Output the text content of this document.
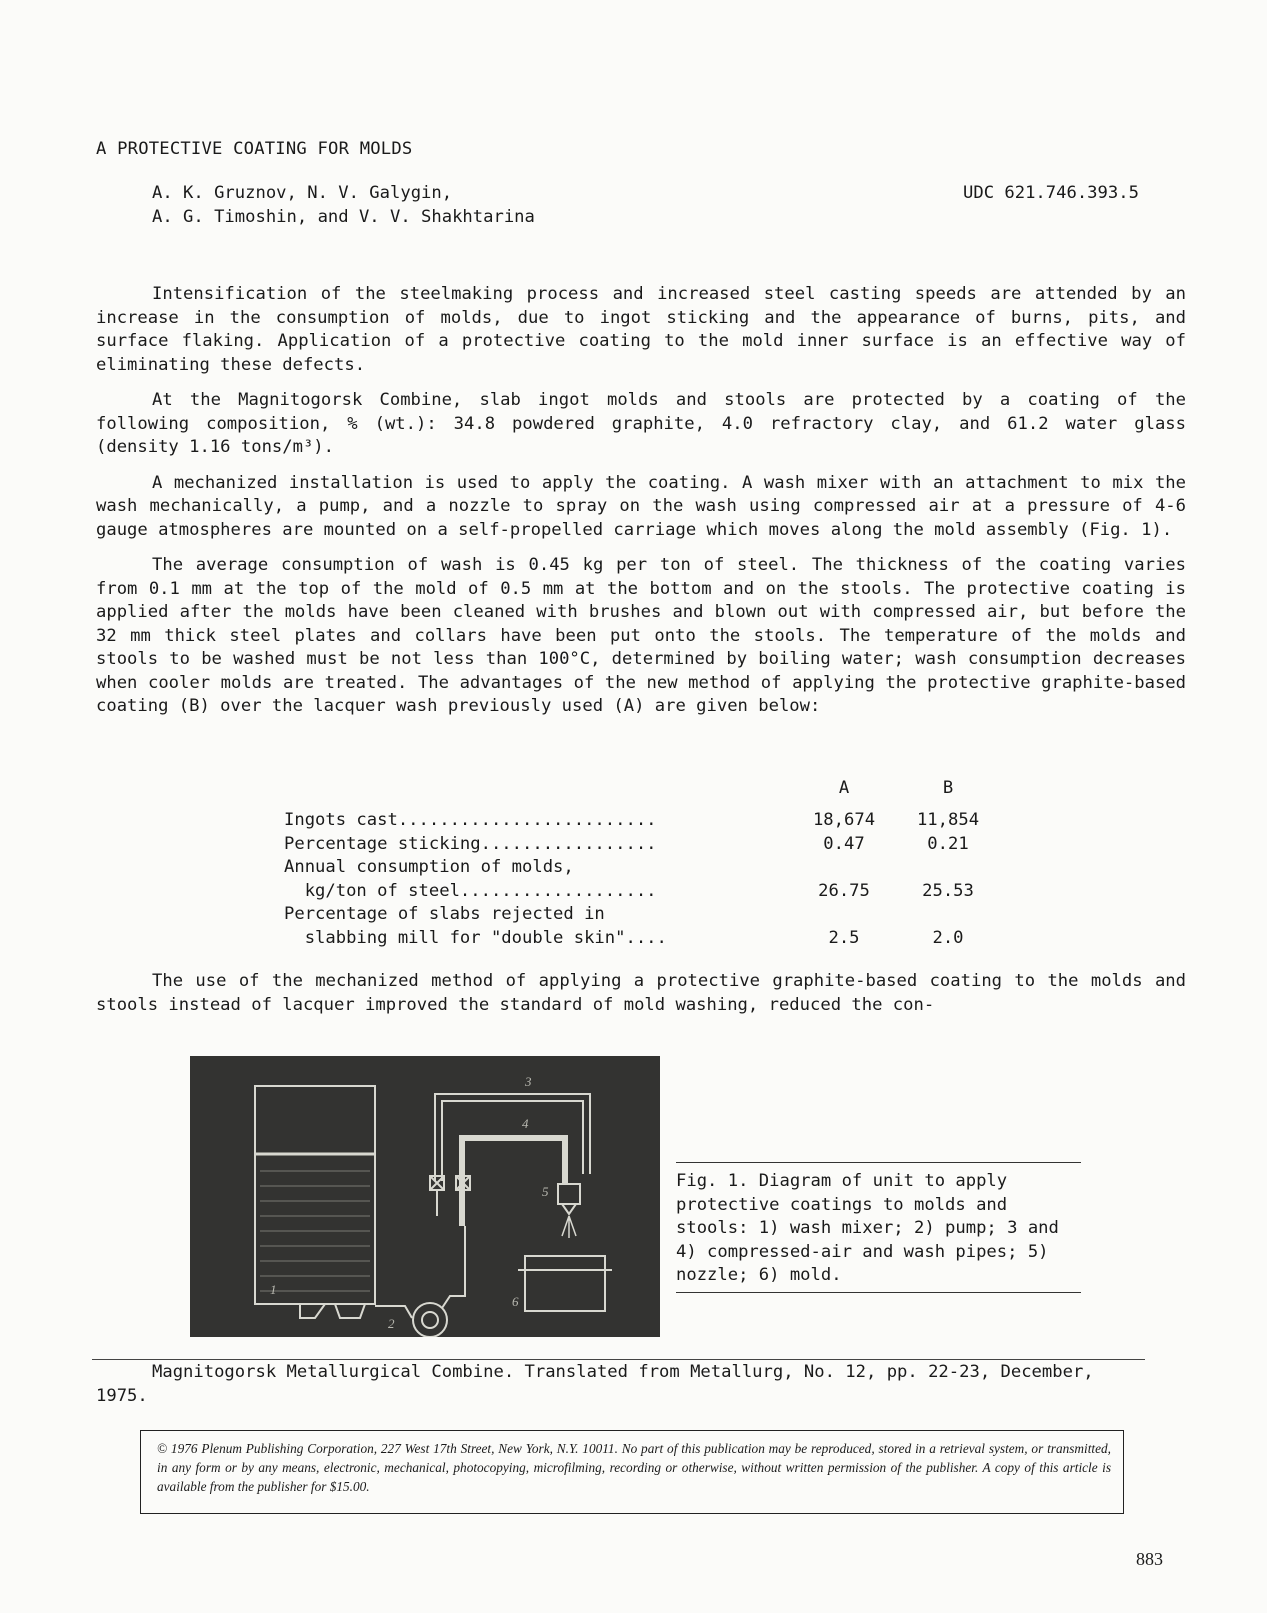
A PROTECTIVE COATING FOR MOLDS
A. K. Gruznov, N. V. Galygin,
A. G. Timoshin, and V. V. Shakhtarina
UDC 621.746.393.5

Intensification of the steelmaking process and increased steel casting speeds are attended by an increase in the consumption of molds, due to ingot sticking and the appearance of burns, pits, and surface flaking. Application of a protective coating to the mold inner surface is an effective way of eliminating these defects.

At the Magnitogorsk Combine, slab ingot molds and stools are protected by a coating of the following composition, % (wt.): 34.8 powdered graphite, 4.0 refractory clay, and 61.2 water glass (density 1.16 tons/m³).

A mechanized installation is used to apply the coating. A wash mixer with an attachment to mix the wash mechanically, a pump, and a nozzle to spray on the wash using compressed air at a pressure of 4-6 gauge atmospheres are mounted on a self-propelled carriage which moves along the mold assembly (Fig. 1).

The average consumption of wash is 0.45 kg per ton of steel. The thickness of the coating varies from 0.1 mm at the top of the mold of 0.5 mm at the bottom and on the stools. The protective coating is applied after the molds have been cleaned with brushes and blown out with compressed air, but before the 32 mm thick steel plates and collars have been put onto the stools. The temperature of the molds and stools to be washed must be not less than 100°C, determined by boiling water; wash consumption decreases when cooler molds are treated. The advantages of the new method of applying the protective graphite-based coating (B) over the lacquer wash previously used (A) are given below:

	A	B
Ingots cast.........................	18,674	11,854
Percentage sticking.................	0.47	0.21
Annual consumption of molds,		
kg/ton of steel...................	26.75	25.53
Percentage of slabs rejected in		
slabbing mill for "double skin"....	2.5	2.0

The use of the mechanized method of applying a protective graphite-based coating to the molds and stools instead of lacquer improved the standard of mold washing, reduced the con-

1
2
3
4
5
6
Fig. 1. Diagram of unit to apply protective coatings to molds and stools: 1) wash mixer; 2) pump; 3 and 4) compressed-air and wash pipes; 5) nozzle; 6) mold.

Magnitogorsk Metallurgical Combine. Translated from Metallurg, No. 12, pp. 22-23, December, 1975.

© 1976 Plenum Publishing Corporation, 227 West 17th Street, New York, N.Y. 10011. No part of this publication may be reproduced, stored in a retrieval system, or transmitted, in any form or by any means, electronic, mechanical, photocopying, microfilming, recording or otherwise, without written permission of the publisher. A copy of this article is available from the publisher for $15.00.
883
